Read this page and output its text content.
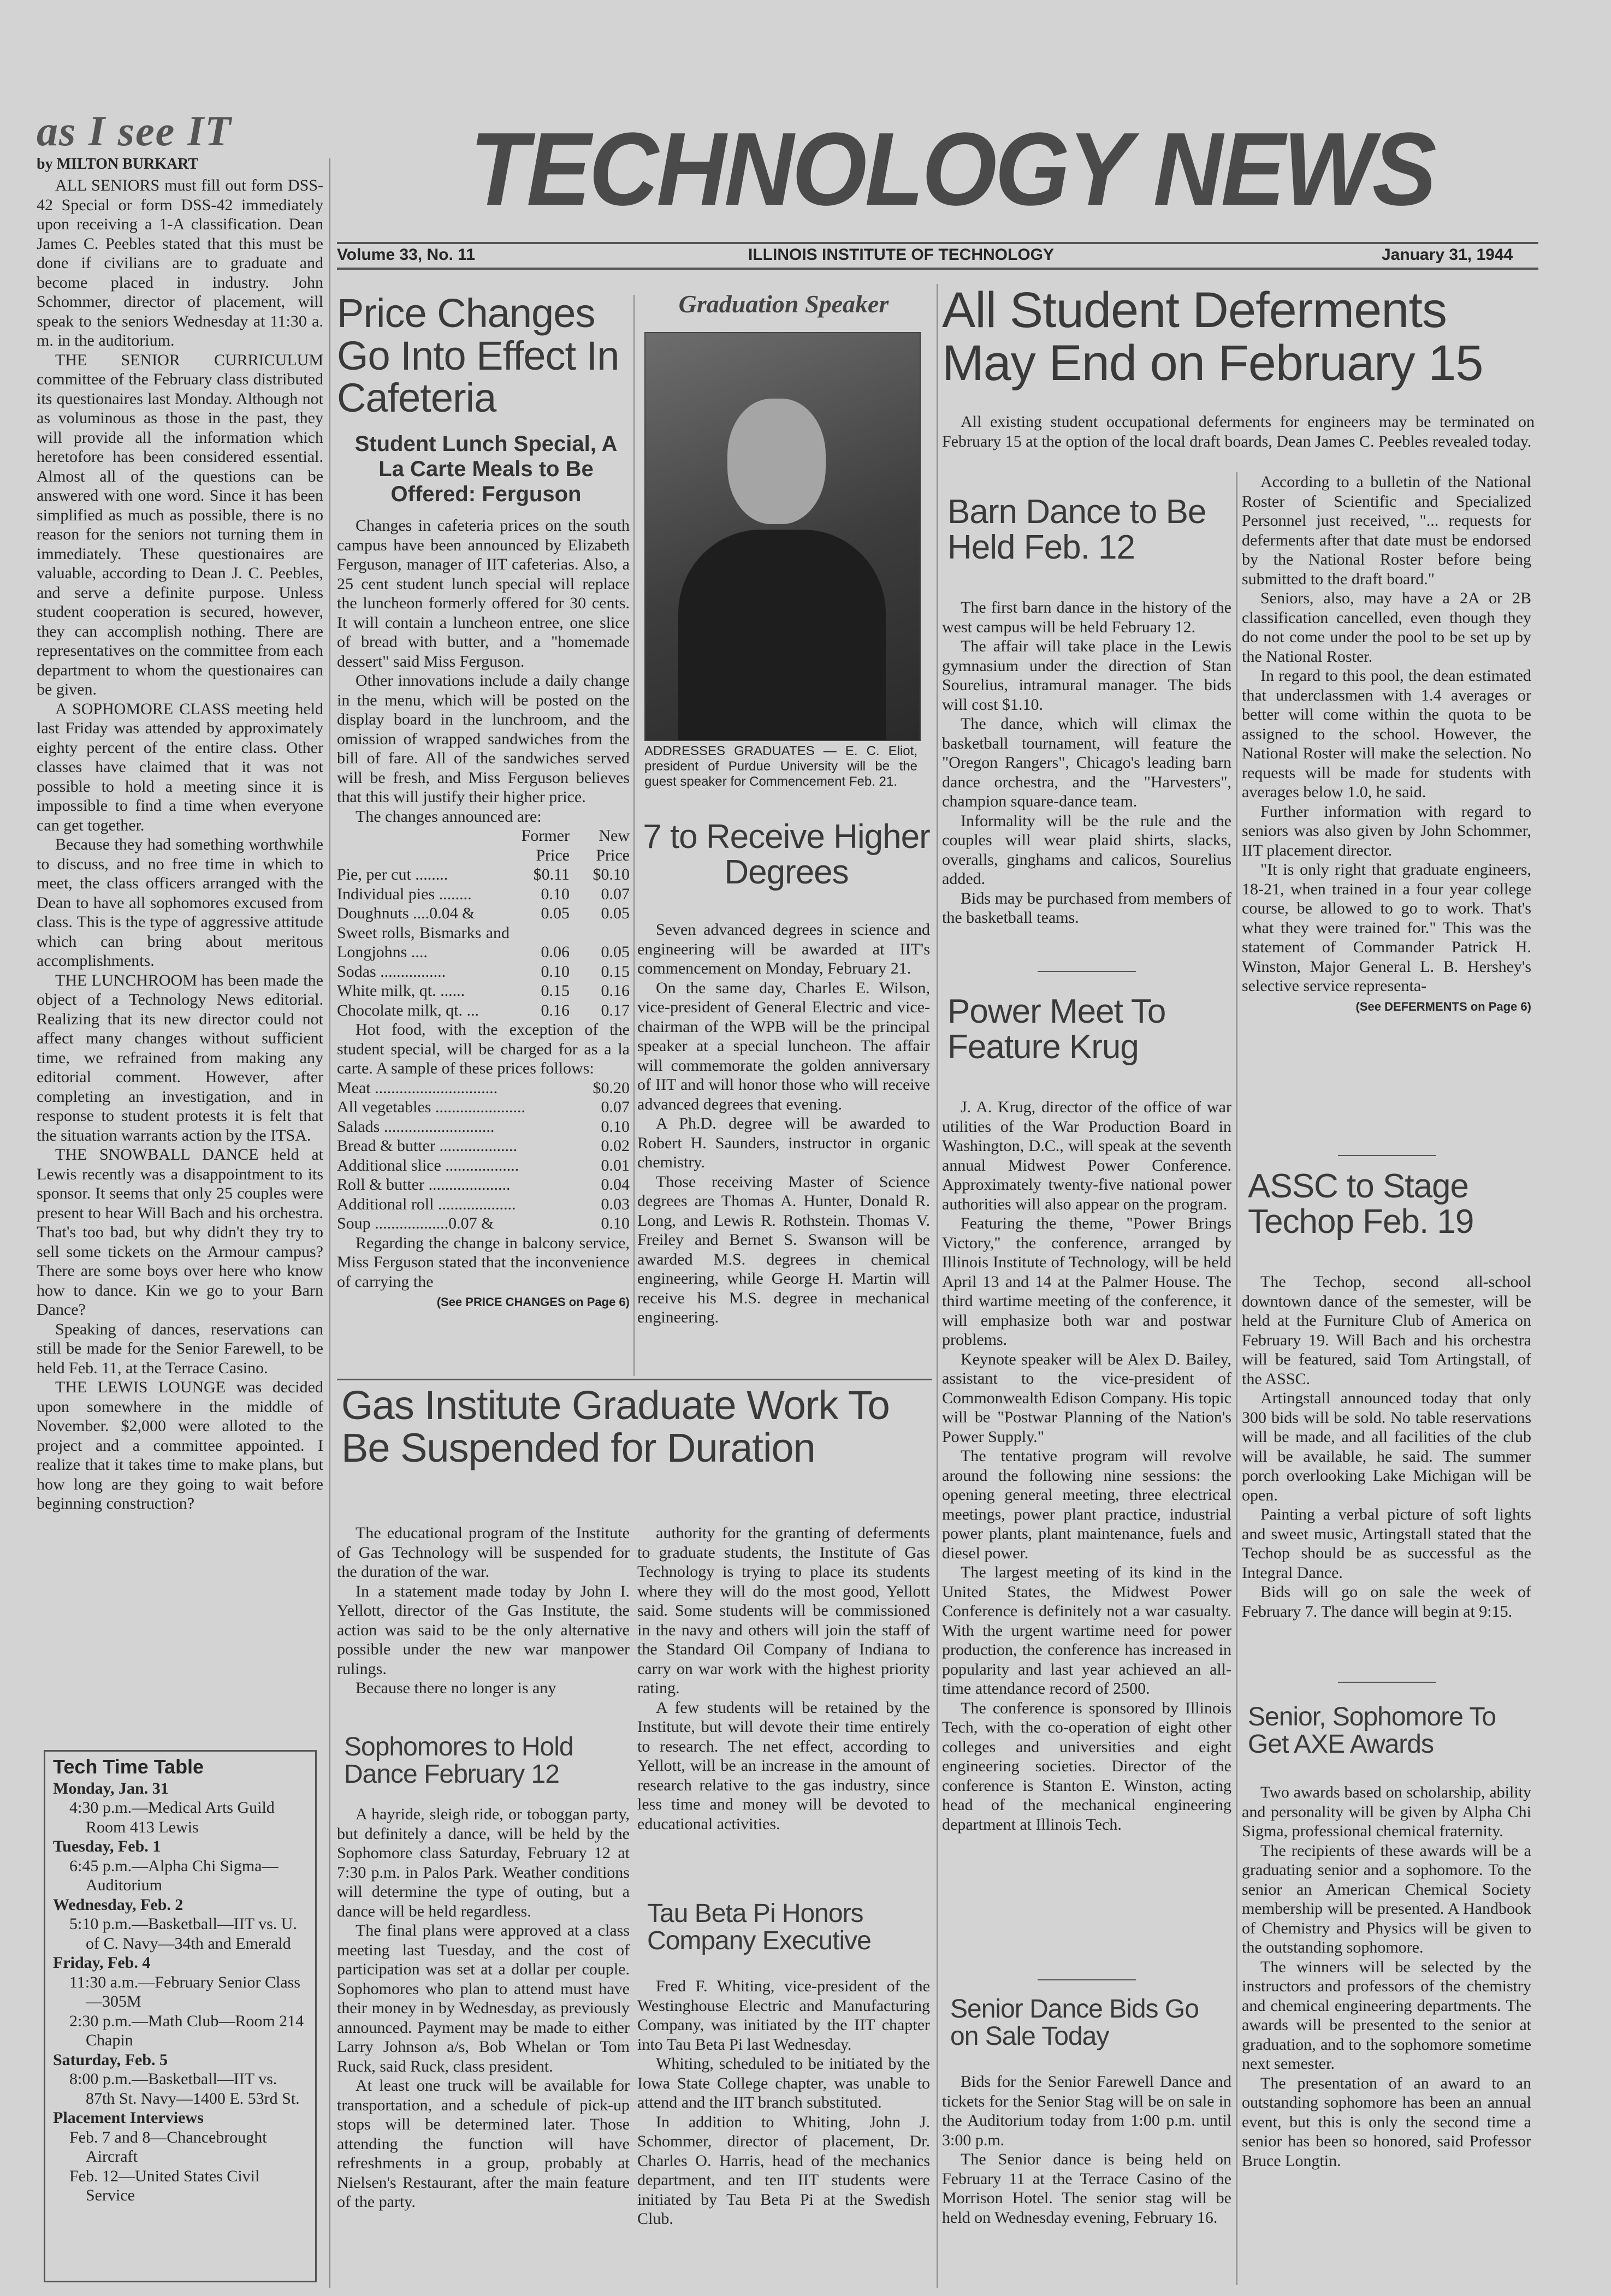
as I see IT TECHNOLOGY NEWS
Volume 33, No. 11	ILLINOIS INSTITUTE OF TECHNOLOGY	January 31, 1944
by MILTON BURKART

ALL SENIORS must fill out form DSS-42 Special or form DSS-42 immediately upon receiving a 1-A classification. Dean James C. Peebles stated that this must be done if civilians are to graduate and become placed in industry. John Schommer, director of placement, will speak to the seniors Wednesday at 11:30 a. m. in the auditorium.

THE SENIOR CURRICULUM committee of the February class distributed its questionaires last Monday. Although not as voluminous as those in the past, they will provide all the information which heretofore has been considered essential. Almost all of the questions can be answered with one word. Since it has been simplified as much as possible, there is no reason for the seniors not turning them in immediately. These questionaires are valuable, according to Dean J. C. Peebles, and serve a definite purpose. Unless student cooperation is secured, however, they can accomplish nothing. There are representatives on the committee from each department to whom the questionaires can be given.

A SOPHOMORE CLASS meeting held last Friday was attended by approximately eighty percent of the entire class. Other classes have claimed that it was not possible to hold a meeting since it is impossible to find a time when everyone can get together.

Because they had something worthwhile to discuss, and no free time in which to meet, the class officers arranged with the Dean to have all sophomores excused from class. This is the type of aggressive attitude which can bring about meritous accomplishments.

THE LUNCHROOM has been made the object of a Technology News editorial. Realizing that its new director could not affect many changes without sufficient time, we refrained from making any editorial comment. However, after completing an investigation, and in response to student protests it is felt that the situation warrants action by the ITSA.

THE SNOWBALL DANCE held at Lewis recently was a disappointment to its sponsor. It seems that only 25 couples were present to hear Will Bach and his orchestra. That's too bad, but why didn't they try to sell some tickets on the Armour campus? There are some boys over here who know how to dance. Kin we go to your Barn Dance?

Speaking of dances, reservations can still be made for the Senior Farewell, to be held Feb. 11, at the Terrace Casino.

THE LEWIS LOUNGE was decided upon somewhere in the middle of November. $2,000 were alloted to the project and a committee appointed. I realize that it takes time to make plans, but how long are they going to wait before beginning construction?

Tech Time Table
Monday, Jan. 31
4:30 p.m.—Medical Arts Guild Room 413 Lewis
Tuesday, Feb. 1
6:45 p.m.—Alpha Chi Sigma—Auditorium
Wednesday, Feb. 2
5:10 p.m.—Basketball—IIT vs. U. of C. Navy—34th and Emerald
Friday, Feb. 4
11:30 a.m.—February Senior Class—305M
2:30 p.m.—Math Club—Room 214 Chapin
Saturday, Feb. 5
8:00 p.m.—Basketball—IIT vs. 87th St. Navy—1400 E. 53rd St.
Placement Interviews
Feb. 7 and 8—Chancebrought Aircraft
Feb. 12—United States Civil Service
Price Changes Go Into Effect In Cafeteria
Student Lunch Special, A La Carte Meals to Be Offered: Ferguson

Changes in cafeteria prices on the south campus have been announced by Elizabeth Ferguson, manager of IIT cafeterias. Also, a 25 cent student lunch special will replace the luncheon formerly offered for 30 cents. It will contain a luncheon entree, one slice of bread with butter, and a "homemade dessert" said Miss Ferguson.

Other innovations include a daily change in the menu, which will be posted on the display board in the lunchroom, and the omission of wrapped sandwiches from the bill of fare. All of the sandwiches served will be fresh, and Miss Ferguson believes that this will justify their higher price.

The changes announced are:

	Former Price	New Price
Pie, per cut ........	$0.11	$0.10
Individual pies ........	0.10	0.07
Doughnuts ....0.04 &	0.05	0.05
Sweet rolls, Bismarks and Longjohns ....	0.06	0.05
Sodas ................	0.10	0.15
White milk, qt. ......	0.15	0.16
Chocolate milk, qt. ...	0.16	0.17

Hot food, with the exception of the student special, will be charged for as a la carte. A sample of these prices follows:

Meat ..............................	$0.20
All vegetables ......................	0.07
Salads ...........................	0.10
Bread & butter ...................	0.02
Additional slice ..................	0.01
Roll & butter ....................	0.04
Additional roll ...................	0.03
Soup ..................0.07 &	0.10

Regarding the change in balcony service, Miss Ferguson stated that the inconvenience of carrying the

(See PRICE CHANGES on Page 6)
Graduation Speaker
ADDRESSES GRADUATES — E. C. Eliot, president of Purdue University will be the guest speaker for Commencement Feb. 21.
7 to Receive Higher Degrees

Seven advanced degrees in science and engineering will be awarded at IIT's commencement on Monday, February 21.

On the same day, Charles E. Wilson, vice-president of General Electric and vice-chairman of the WPB will be the principal speaker at a special luncheon. The affair will commemorate the golden anniversary of IIT and will honor those who will receive advanced degrees that evening.

A Ph.D. degree will be awarded to Robert H. Saunders, instructor in organic chemistry.

Those receiving Master of Science degrees are Thomas A. Hunter, Donald R. Long, and Lewis R. Rothstein. Thomas V. Freiley and Bernet S. Swanson will be awarded M.S. degrees in chemical engineering, while George H. Martin will receive his M.S. degree in mechanical engineering.

Gas Institute Graduate Work To Be Suspended for Duration

The educational program of the Institute of Gas Technology will be suspended for the duration of the war.

In a statement made today by John I. Yellott, director of the Gas Institute, the action was said to be the only alternative possible under the new war manpower rulings.

Because there no longer is any

authority for the granting of deferments to graduate students, the Institute of Gas Technology is trying to place its students where they will do the most good, Yellott said. Some students will be commissioned in the navy and others will join the staff of the Standard Oil Company of Indiana to carry on war work with the highest priority rating.

A few students will be retained by the Institute, but will devote their time entirely to research. The net effect, according to Yellott, will be an increase in the amount of research relative to the gas industry, since less time and money will be devoted to educational activities.

Sophomores to Hold Dance February 12

A hayride, sleigh ride, or toboggan party, but definitely a dance, will be held by the Sophomore class Saturday, February 12 at 7:30 p.m. in Palos Park. Weather conditions will determine the type of outing, but a dance will be held regardless.

The final plans were approved at a class meeting last Tuesday, and the cost of participation was set at a dollar per couple. Sophomores who plan to attend must have their money in by Wednesday, as previously announced. Payment may be made to either Larry Johnson a/s, Bob Whelan or Tom Ruck, said Ruck, class president.

At least one truck will be available for transportation, and a schedule of pick-up stops will be determined later. Those attending the function will have refreshments in a group, probably at Nielsen's Restaurant, after the main feature of the party.

Tau Beta Pi Honors Company Executive

Fred F. Whiting, vice-president of the Westinghouse Electric and Manufacturing Company, was initiated by the IIT chapter into Tau Beta Pi last Wednesday.

Whiting, scheduled to be initiated by the Iowa State College chapter, was unable to attend and the IIT branch substituted.

In addition to Whiting, John J. Schommer, director of placement, Dr. Charles O. Harris, head of the mechanics department, and ten IIT students were initiated by Tau Beta Pi at the Swedish Club.

All Student Deferments May End on February 15

All existing student occupational deferments for engineers may be terminated on February 15 at the option of the local draft boards, Dean James C. Peebles revealed today.

According to a bulletin of the National Roster of Scientific and Specialized Personnel just received, "... requests for deferments after that date must be endorsed by the National Roster before being submitted to the draft board."

Seniors, also, may have a 2A or 2B classification cancelled, even though they do not come under the pool to be set up by the National Roster.

In regard to this pool, the dean estimated that underclassmen with 1.4 averages or better will come within the quota to be assigned to the school. However, the National Roster will make the selection. No requests will be made for students with averages below 1.0, he said.

Further information with regard to seniors was also given by John Schommer, IIT placement director.

"It is only right that graduate engineers, 18-21, when trained in a four year college course, be allowed to go to work. That's what they were trained for." This was the statement of Commander Patrick H. Winston, Major General L. B. Hershey's selective service representa-

(See DEFERMENTS on Page 6)
Barn Dance to Be Held Feb. 12

The first barn dance in the history of the west campus will be held February 12.

The affair will take place in the Lewis gymnasium under the direction of Stan Sourelius, intramural manager. The bids will cost $1.10.

The dance, which will climax the basketball tournament, will feature the "Oregon Rangers", Chicago's leading barn dance orchestra, and the "Harvesters", champion square-dance team.

Informality will be the rule and the couples will wear plaid shirts, slacks, overalls, ginghams and calicos, Sourelius added.

Bids may be purchased from members of the basketball teams.

Power Meet To Feature Krug

J. A. Krug, director of the office of war utilities of the War Production Board in Washington, D.C., will speak at the seventh annual Midwest Power Conference. Approximately twenty-five national power authorities will also appear on the program.

Featuring the theme, "Power Brings Victory," the conference, arranged by Illinois Institute of Technology, will be held April 13 and 14 at the Palmer House. The third wartime meeting of the conference, it will emphasize both war and postwar problems.

Keynote speaker will be Alex D. Bailey, assistant to the vice-president of Commonwealth Edison Company. His topic will be "Postwar Planning of the Nation's Power Supply."

The tentative program will revolve around the following nine sessions: the opening general meeting, three electrical meetings, power plant practice, industrial power plants, plant maintenance, fuels and diesel power.

The largest meeting of its kind in the United States, the Midwest Power Conference is definitely not a war casualty. With the urgent wartime need for power production, the conference has increased in popularity and last year achieved an all-time attendance record of 2500.

The conference is sponsored by Illinois Tech, with the co-operation of eight other colleges and universities and eight engineering societies. Director of the conference is Stanton E. Winston, acting head of the mechanical engineering department at Illinois Tech.

Senior Dance Bids Go on Sale Today

Bids for the Senior Farewell Dance and tickets for the Senior Stag will be on sale in the Auditorium today from 1:00 p.m. until 3:00 p.m.

The Senior dance is being held on February 11 at the Terrace Casino of the Morrison Hotel. The senior stag will be held on Wednesday evening, February 16.

ASSC to Stage Techop Feb. 19

The Techop, second all-school downtown dance of the semester, will be held at the Furniture Club of America on February 19. Will Bach and his orchestra will be featured, said Tom Artingstall, of the ASSC.

Artingstall announced today that only 300 bids will be sold. No table reservations will be made, and all facilities of the club will be available, he said. The summer porch overlooking Lake Michigan will be open.

Painting a verbal picture of soft lights and sweet music, Artingstall stated that the Techop should be as successful as the Integral Dance.

Bids will go on sale the week of February 7. The dance will begin at 9:15.

Senior, Sophomore To Get AXE Awards

Two awards based on scholarship, ability and personality will be given by Alpha Chi Sigma, professional chemical fraternity.

The recipients of these awards will be a graduating senior and a sophomore. To the senior an American Chemical Society membership will be presented. A Handbook of Chemistry and Physics will be given to the outstanding sophomore.

The winners will be selected by the instructors and professors of the chemistry and chemical engineering departments. The awards will be presented to the senior at graduation, and to the sophomore sometime next semester.

The presentation of an award to an outstanding sophomore has been an annual event, but this is only the second time a senior has been so honored, said Professor Bruce Longtin.
